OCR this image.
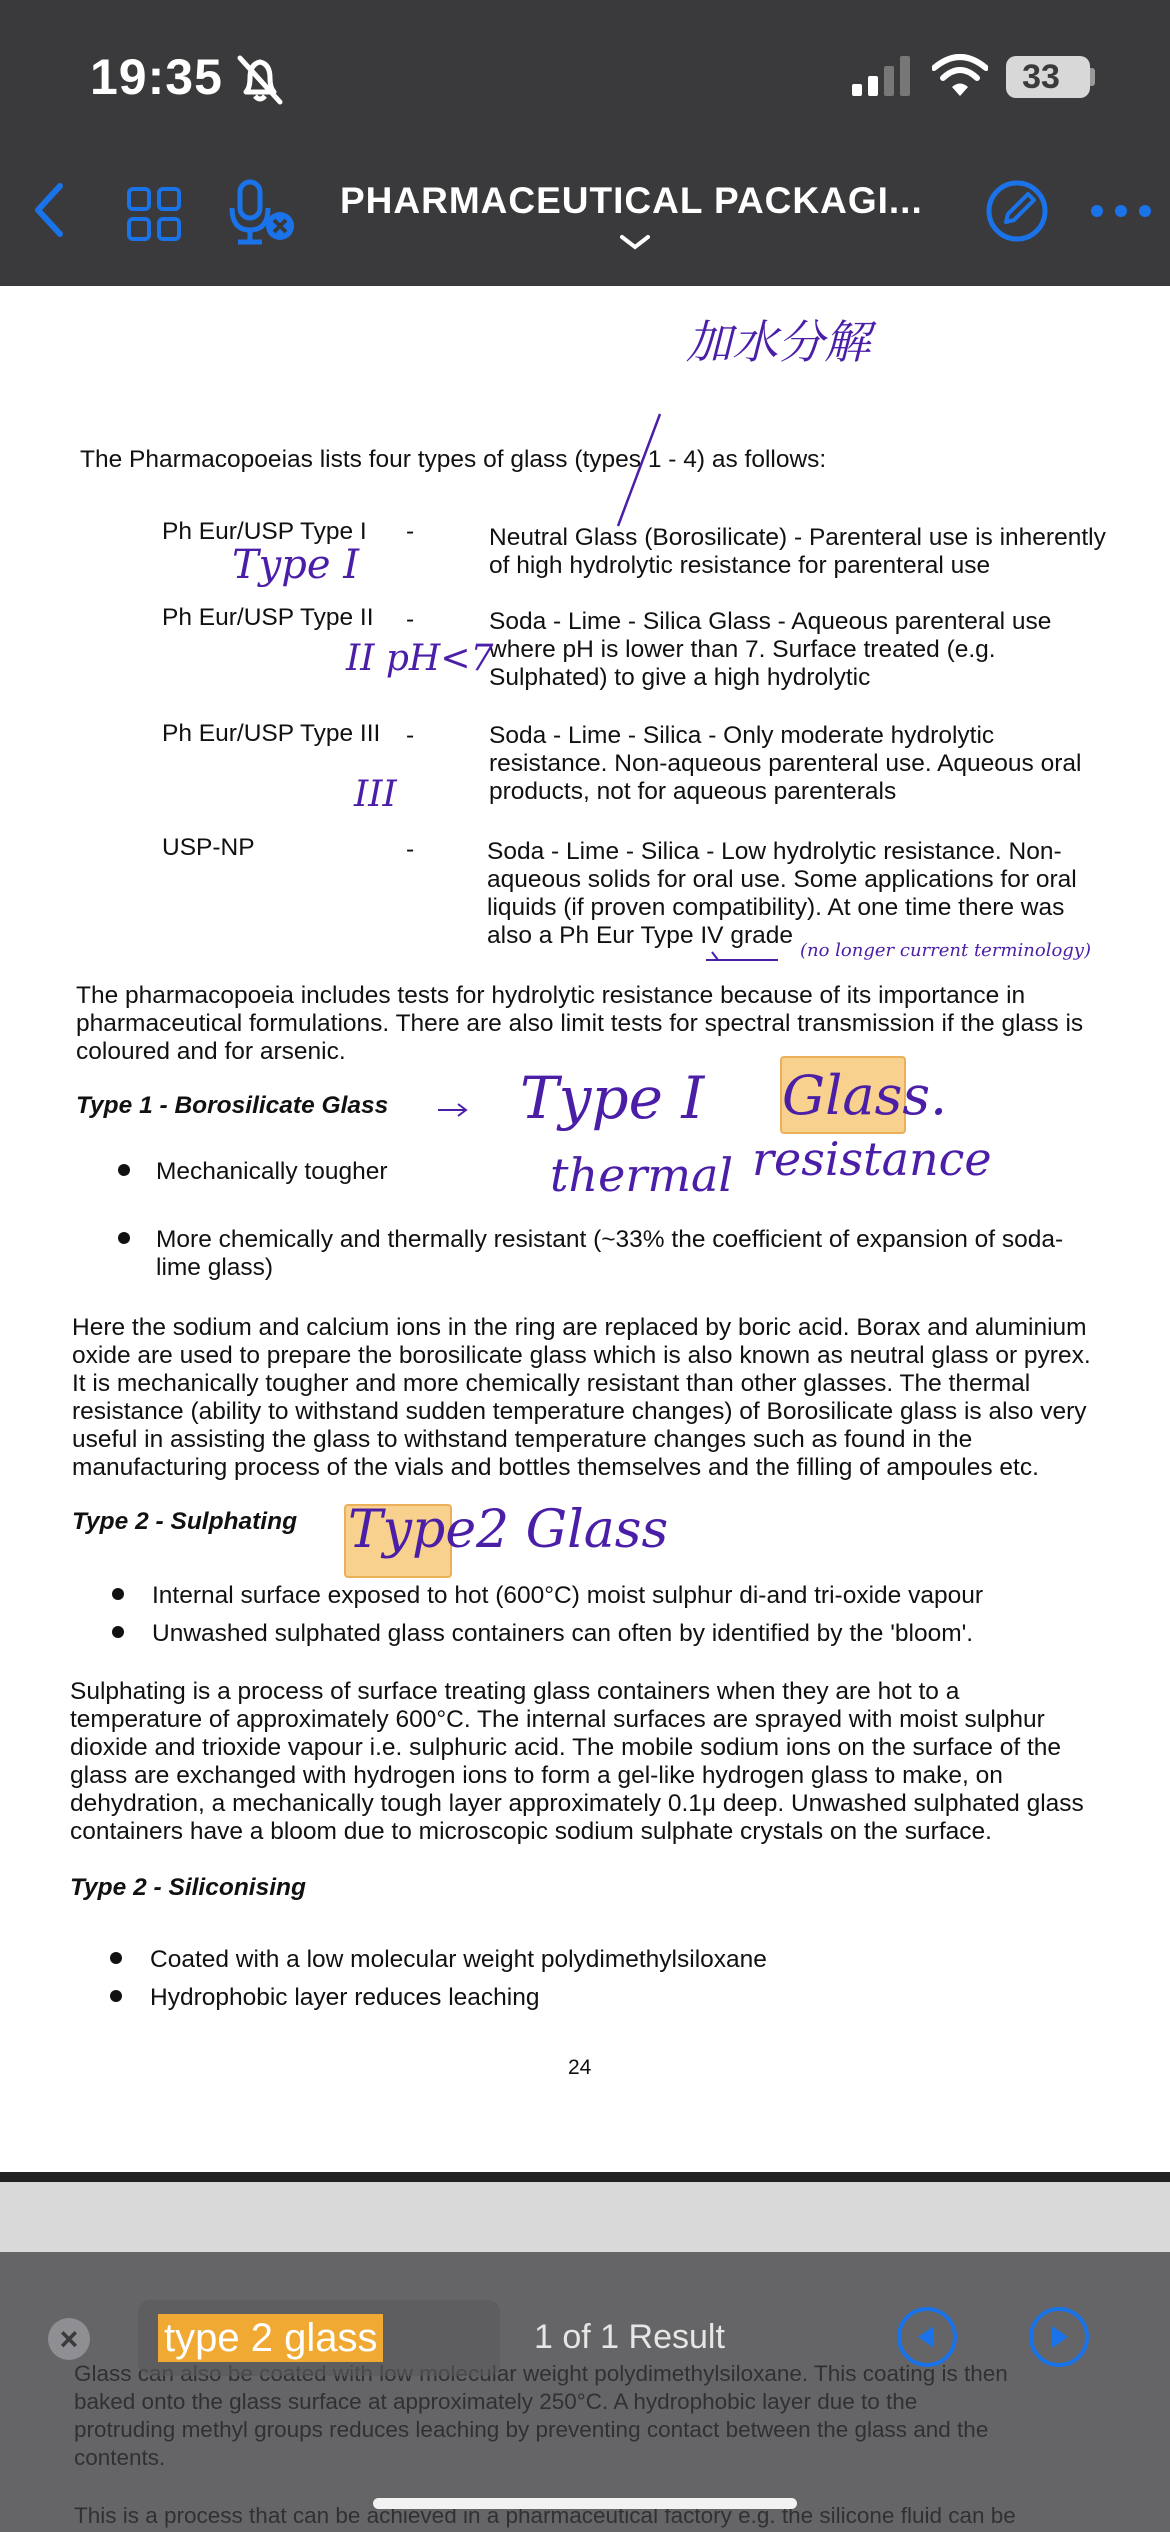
19:35	33
PHARMACEUTICAL PACKAGI...
加水分解
The Pharmacopoeias lists four types of glass (types 1 - 4) as follows:
Ph Eur/USP Type I -	Neutral Glass (Borosilicate) - Parenteral use is inherently
of high hydrolytic resistance for parenteral use
Type I
Ph Eur/USP Type II -	Soda - Lime - Silica Glass - Aqueous parenteral use
where pH is lower than 7. Surface treated (e.g.
Sulphated) to give a high hydrolytic
II pH<7
Ph Eur/USP Type III -	Soda - Lime - Silica - Only moderate hydrolytic
resistance. Non-aqueous parenteral use. Aqueous oral
products, not for aqueous parenterals
III
USP-NP	-	Soda - Lime - Silica - Low hydrolytic resistance. Non-
aqueous solids for oral use. Some applications for oral
liquids (if proven compatibility). At one time there was
also a Ph Eur Type IV grade
(no longer current terminology)
The pharmacopoeia includes tests for hydrolytic resistance because of its importance in
pharmaceutical formulations. There are also limit tests for spectral transmission if the glass is
coloured and for arsenic.
Type 1 - Borosilicate Glass Type I Glass.
Mechanically tougher	thermal resistance
More chemically and thermally resistant (~33% the coefficient of expansion of soda-
lime glass)
Here the sodium and calcium ions in the ring are replaced by boric acid. Borax and aluminium
oxide are used to prepare the borosilicate glass which is also known as neutral glass or pyrex.
It is mechanically tougher and more chemically resistant than other glasses. The thermal
resistance (ability to withstand sudden temperature changes) of Borosilicate glass is also very
useful in assisting the glass to withstand temperature changes such as found in the
manufacturing process of the vials and bottles themselves and the filling of ampoules etc.
Type 2 - Sulphating Type 2 Glass
Internal surface exposed to hot (600°C) moist sulphur di-and tri-oxide vapour
Unwashed sulphated glass containers can often by identified by the 'bloom'.
Sulphating is a process of surface treating glass containers when they are hot to a
temperature of approximately 600°C. The internal surfaces are sprayed with moist sulphur
dioxide and trioxide vapour i.e. sulphuric acid. The mobile sodium ions on the surface of the
glass are exchanged with hydrogen ions to form a gel-like hydrogen glass to make, on
dehydration, a mechanically tough layer approximately 0.1μ deep. Unwashed sulphated glass
containers have a bloom due to microscopic sodium sulphate crystals on the surface.
Type 2 - Siliconising
Coated with a low molecular weight polydimethylsiloxane
Hydrophobic layer reduces leaching
24
× type 2 glass	1 of 1 Result
